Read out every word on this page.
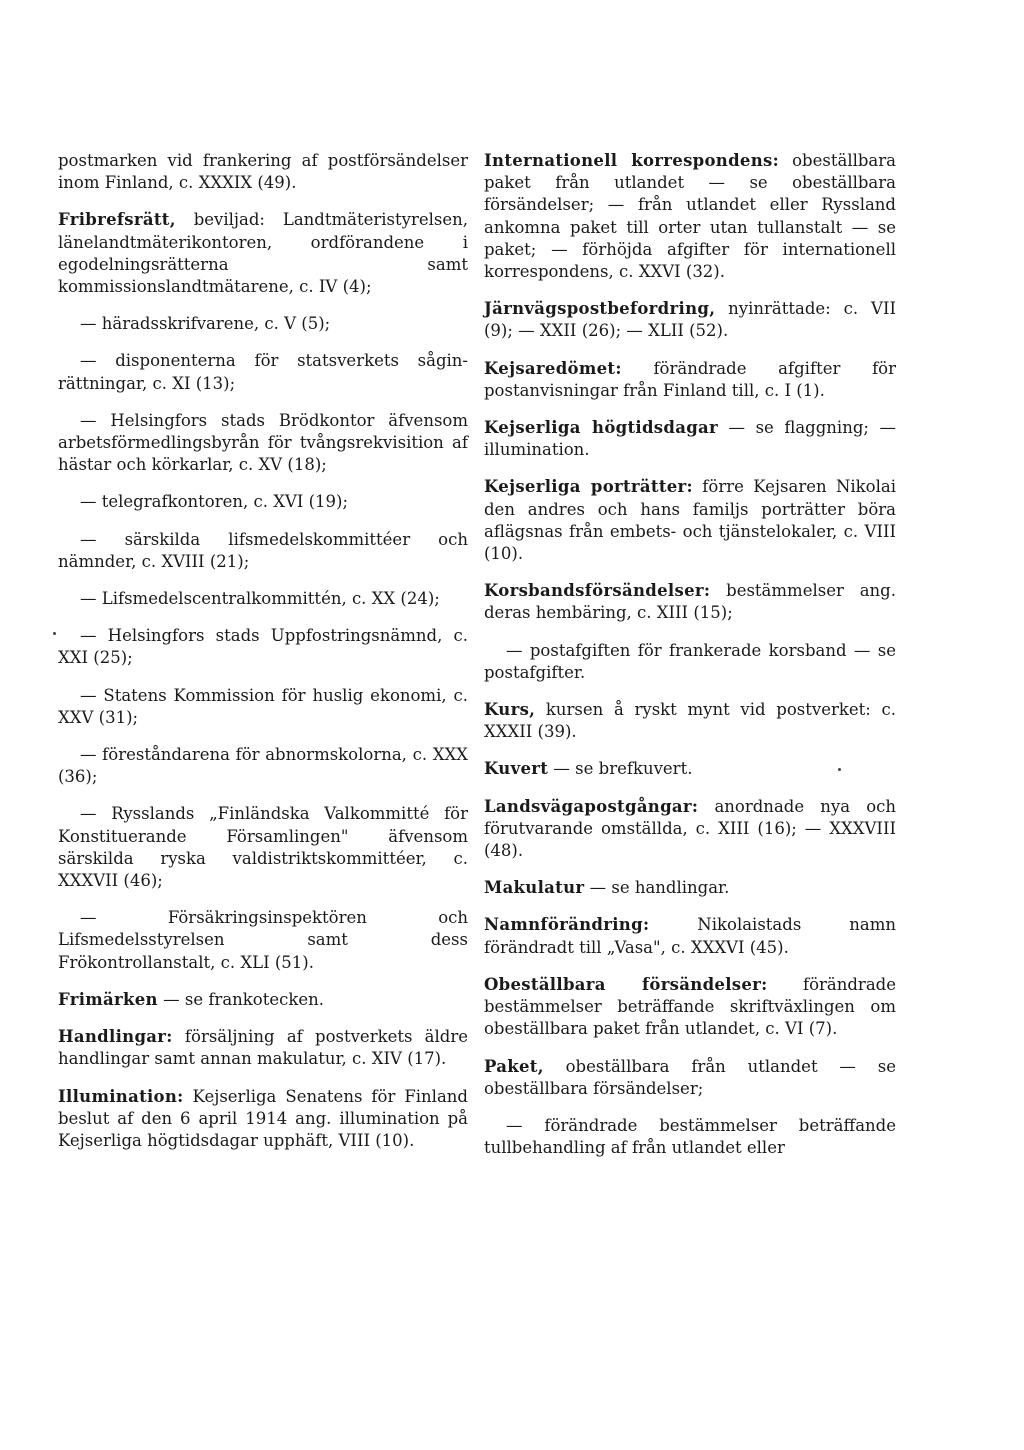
postmarken vid frankering af postförsändelser inom Finland, c. XXXIX (49).

Fribrefsrätt, beviljad: Landtmäteristyrelsen, länelandtmäterikontoren, ordförandene i egodelningsrätterna samt kommissionslandtmätarene, c. IV (4);

— häradsskrifvarene, c. V (5);

— disponenterna för statsverkets såginrättningar, c. XI (13);

— Helsingfors stads Brödkontor äfvensom arbetsförmedlingsbyrån för tvångsrekvisition af hästar och körkarlar, c. XV (18);

— telegrafkontoren, c. XVI (19);

— särskilda lifsmedelskommittéer och nämnder, c. XVIII (21);

— Lifsmedelscentralkommittén, c. XX (24);

— Helsingfors stads Uppfostringsnämnd, c. XXI (25);

— Statens Kommission för huslig ekonomi, c. XXV (31);

— föreståndarena för abnormskolorna, c. XXX (36);

— Rysslands „Finländska Valkommitté för Konstituerande Församlingen" äfvensom särskilda ryska valdistriktskommittéer, c. XXXVII (46);

— Försäkringsinspektören och Lifsmedelsstyrelsen samt dess Frökontrollanstalt, c. XLI (51).

Frimärken — se frankotecken.

Handlingar: försäljning af postverkets äldre handlingar samt annan makulatur, c. XIV (17).

Illumination: Kejserliga Senatens för Finland beslut af den 6 april 1914 ang. illumination på Kejserliga högtidsdagar upphäft, VIII (10).

Internationell korrespondens: obeställbara paket från utlandet — se obeställbara försändelser; — från utlandet eller Ryssland ankomna paket till orter utan tullanstalt — se paket; — förhöjda afgifter för internationell korrespondens, c. XXVI (32).

Järnvägspostbefordring, nyinrättade: c. VII (9); — XXII (26); — XLII (52).

Kejsaredömet: förändrade afgifter för postanvisningar från Finland till, c. I (1).

Kejserliga högtidsdagar — se flaggning; — illumination.

Kejserliga porträtter: förre Kejsaren Nikolai den andres och hans familjs porträtter böra aflägsnas från embets- och tjänstelokaler, c. VIII (10).

Korsbandsförsändelser: bestämmelser ang. deras hembäring, c. XIII (15);

— postafgiften för frankerade korsband — se postafgifter.

Kurs, kursen å ryskt mynt vid postverket: c. XXXII (39).

Kuvert — se brefkuvert.

Landsvägapostgångar: anordnade nya och förutvarande omställda, c. XIII (16); — XXXVIII (48).

Makulatur — se handlingar.

Namnförändring: Nikolaistads namn förändradt till „Vasa", c. XXXVI (45).

Obeställbara försändelser: förändrade bestämmelser beträffande skriftväxlingen om obeställbara paket från utlandet, c. VI (7).

Paket, obeställbara från utlandet — se obeställbara försändelser;

— förändrade bestämmelser beträffande tullbehandling af från utlandet eller
